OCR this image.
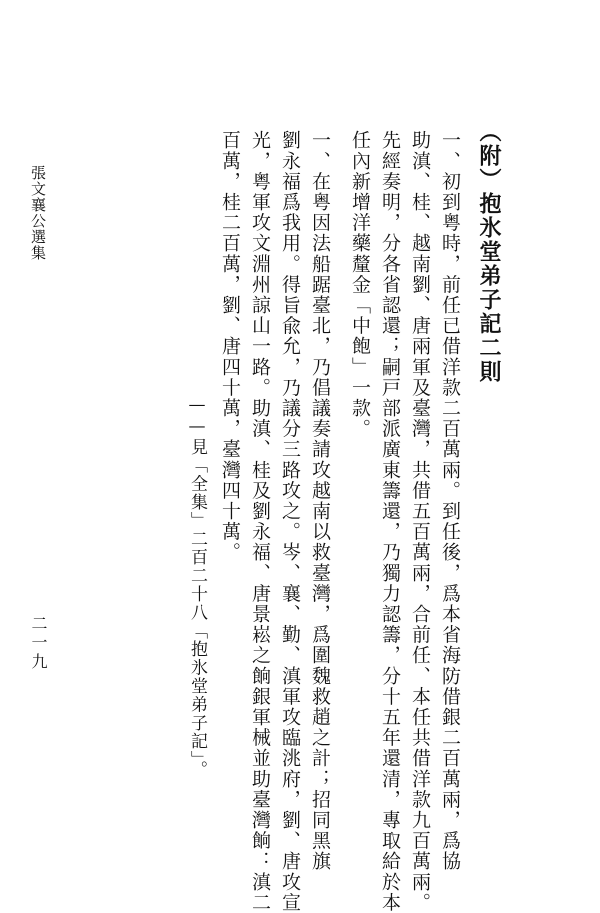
張文襄公選集
二一九
（附）抱氷堂弟子記二則
一、初到粤時，前任已借洋款二百萬兩。到任後，爲本省海防借銀二百萬兩，爲協
助滇、桂、越南劉、唐兩軍及臺灣，共借五百萬兩，合前任、本任共借洋款九百萬兩。
先經奏明，分各省認還；嗣戸部派廣東籌還，乃獨力認籌，分十五年還清，專取給於本
任內新增洋藥釐金「中飽」一款。
一、在粤因法船踞臺北，乃倡議奏請攻越南以救臺灣，爲圍魏救趙之計；招同黑旗
劉永福爲我用。得旨兪允，乃議分三路攻之。岑、襄、勤、滇軍攻臨洮府，劉、唐攻宣
光，粤軍攻文淵州諒山一路。助滇、桂及劉永福、唐景崧之餉銀軍械並助臺灣餉：滇二
百萬，桂二百萬，劉、唐四十萬，臺灣四十萬。
——見「全集」二百二十八「抱氷堂弟子記」。
